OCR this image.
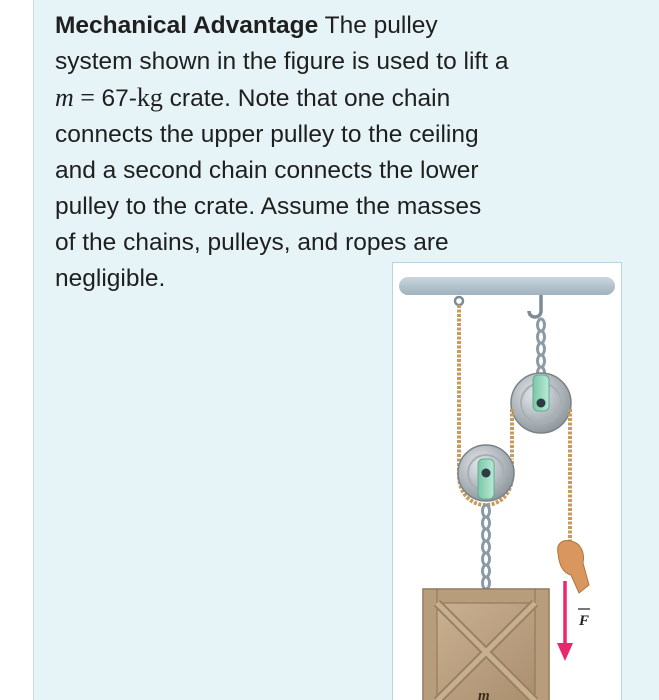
Mechanical Advantage The pulley
system shown in the figure is used to lift a
m = 67-kg crate. Note that one chain
connects the upper pulley to the ceiling
and a second chain connects the lower
pulley to the crate. Assume the masses
of the chains, pulleys, and ropes are
negligible.
F
m
